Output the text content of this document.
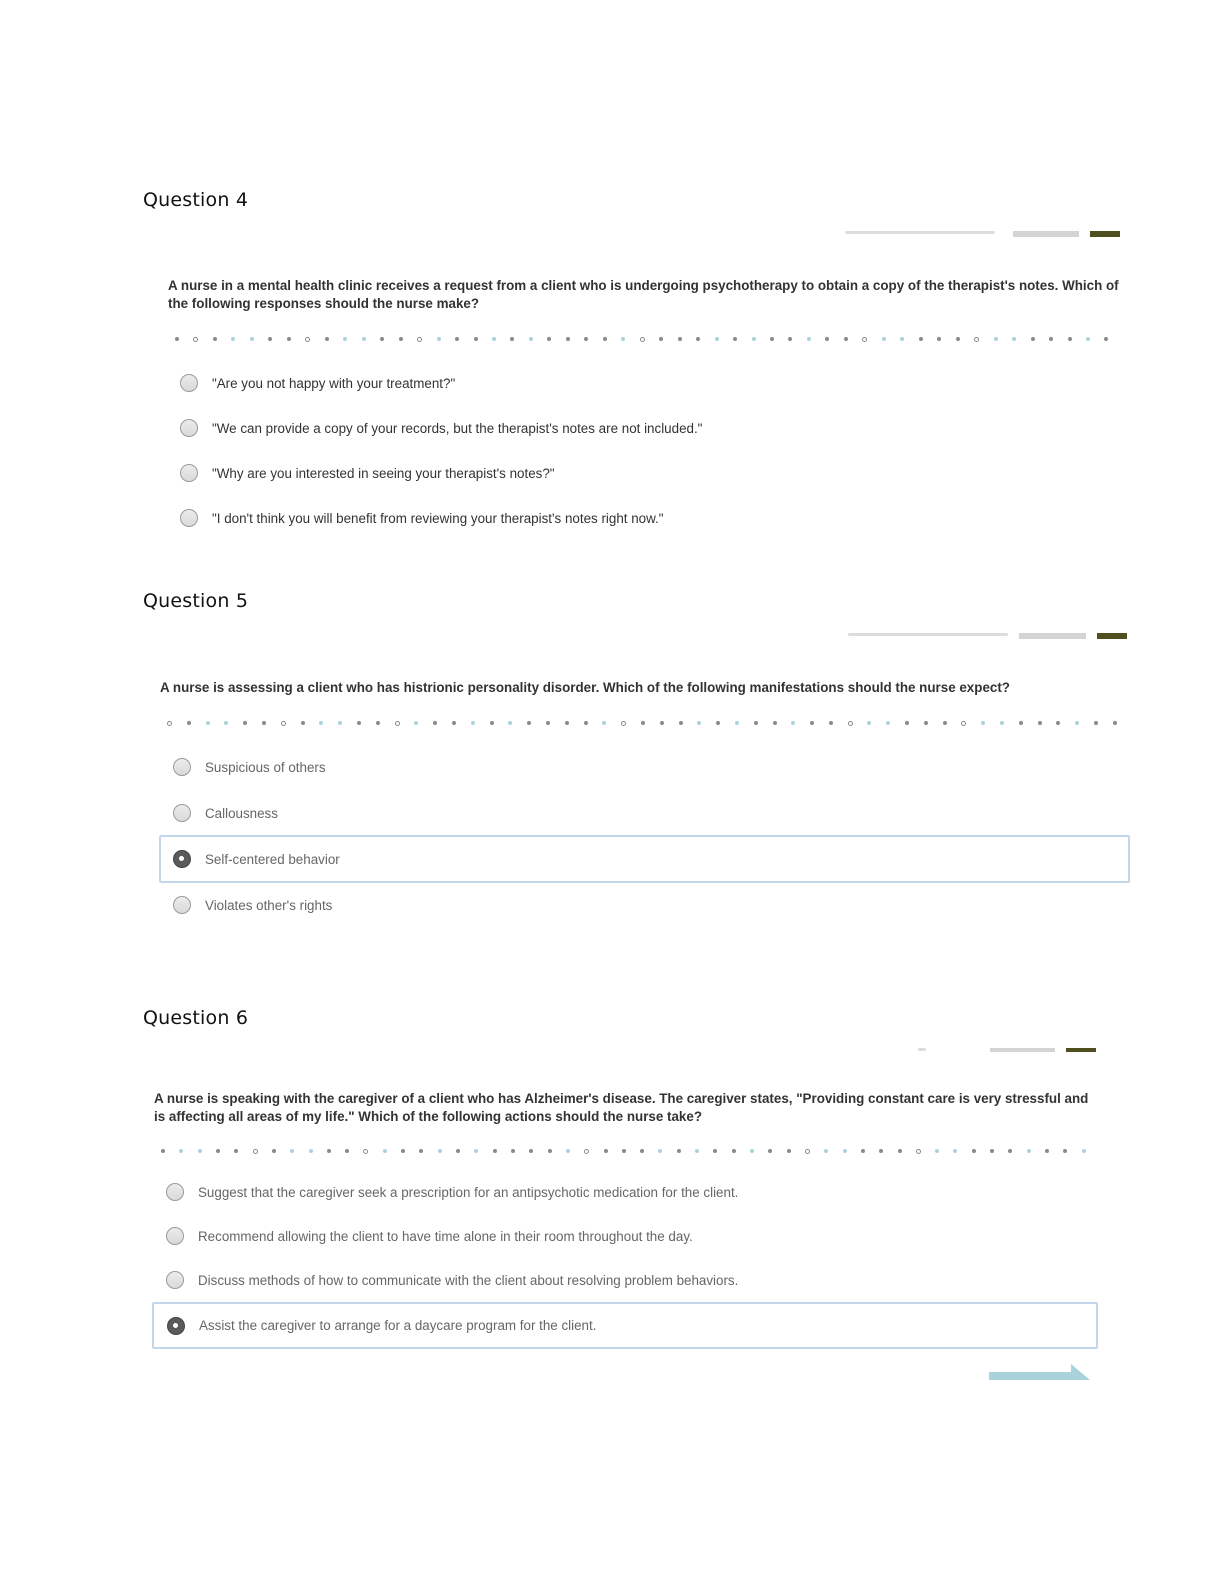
Question 4
A nurse in a mental health clinic receives a request from a client who is undergoing psychotherapy to obtain a copy of the therapist's notes. Which of the following responses should the nurse make?
"Are you not happy with your treatment?"
"We can provide a copy of your records, but the therapist's notes are not included."
"Why are you interested in seeing your therapist's notes?"
"I don't think you will benefit from reviewing your therapist's notes right now."
Question 5
A nurse is assessing a client who has histrionic personality disorder. Which of the following manifestations should the nurse expect?
Suspicious of others
Callousness
Self-centered behavior
Violates other's rights
Question 6
A nurse is speaking with the caregiver of a client who has Alzheimer's disease. The caregiver states, "Providing constant care is very stressful and is affecting all areas of my life." Which of the following actions should the nurse take?
Suggest that the caregiver seek a prescription for an antipsychotic medication for the client.
Recommend allowing the client to have time alone in their room throughout the day.
Discuss methods of how to communicate with the client about resolving problem behaviors.
Assist the caregiver to arrange for a daycare program for the client.
